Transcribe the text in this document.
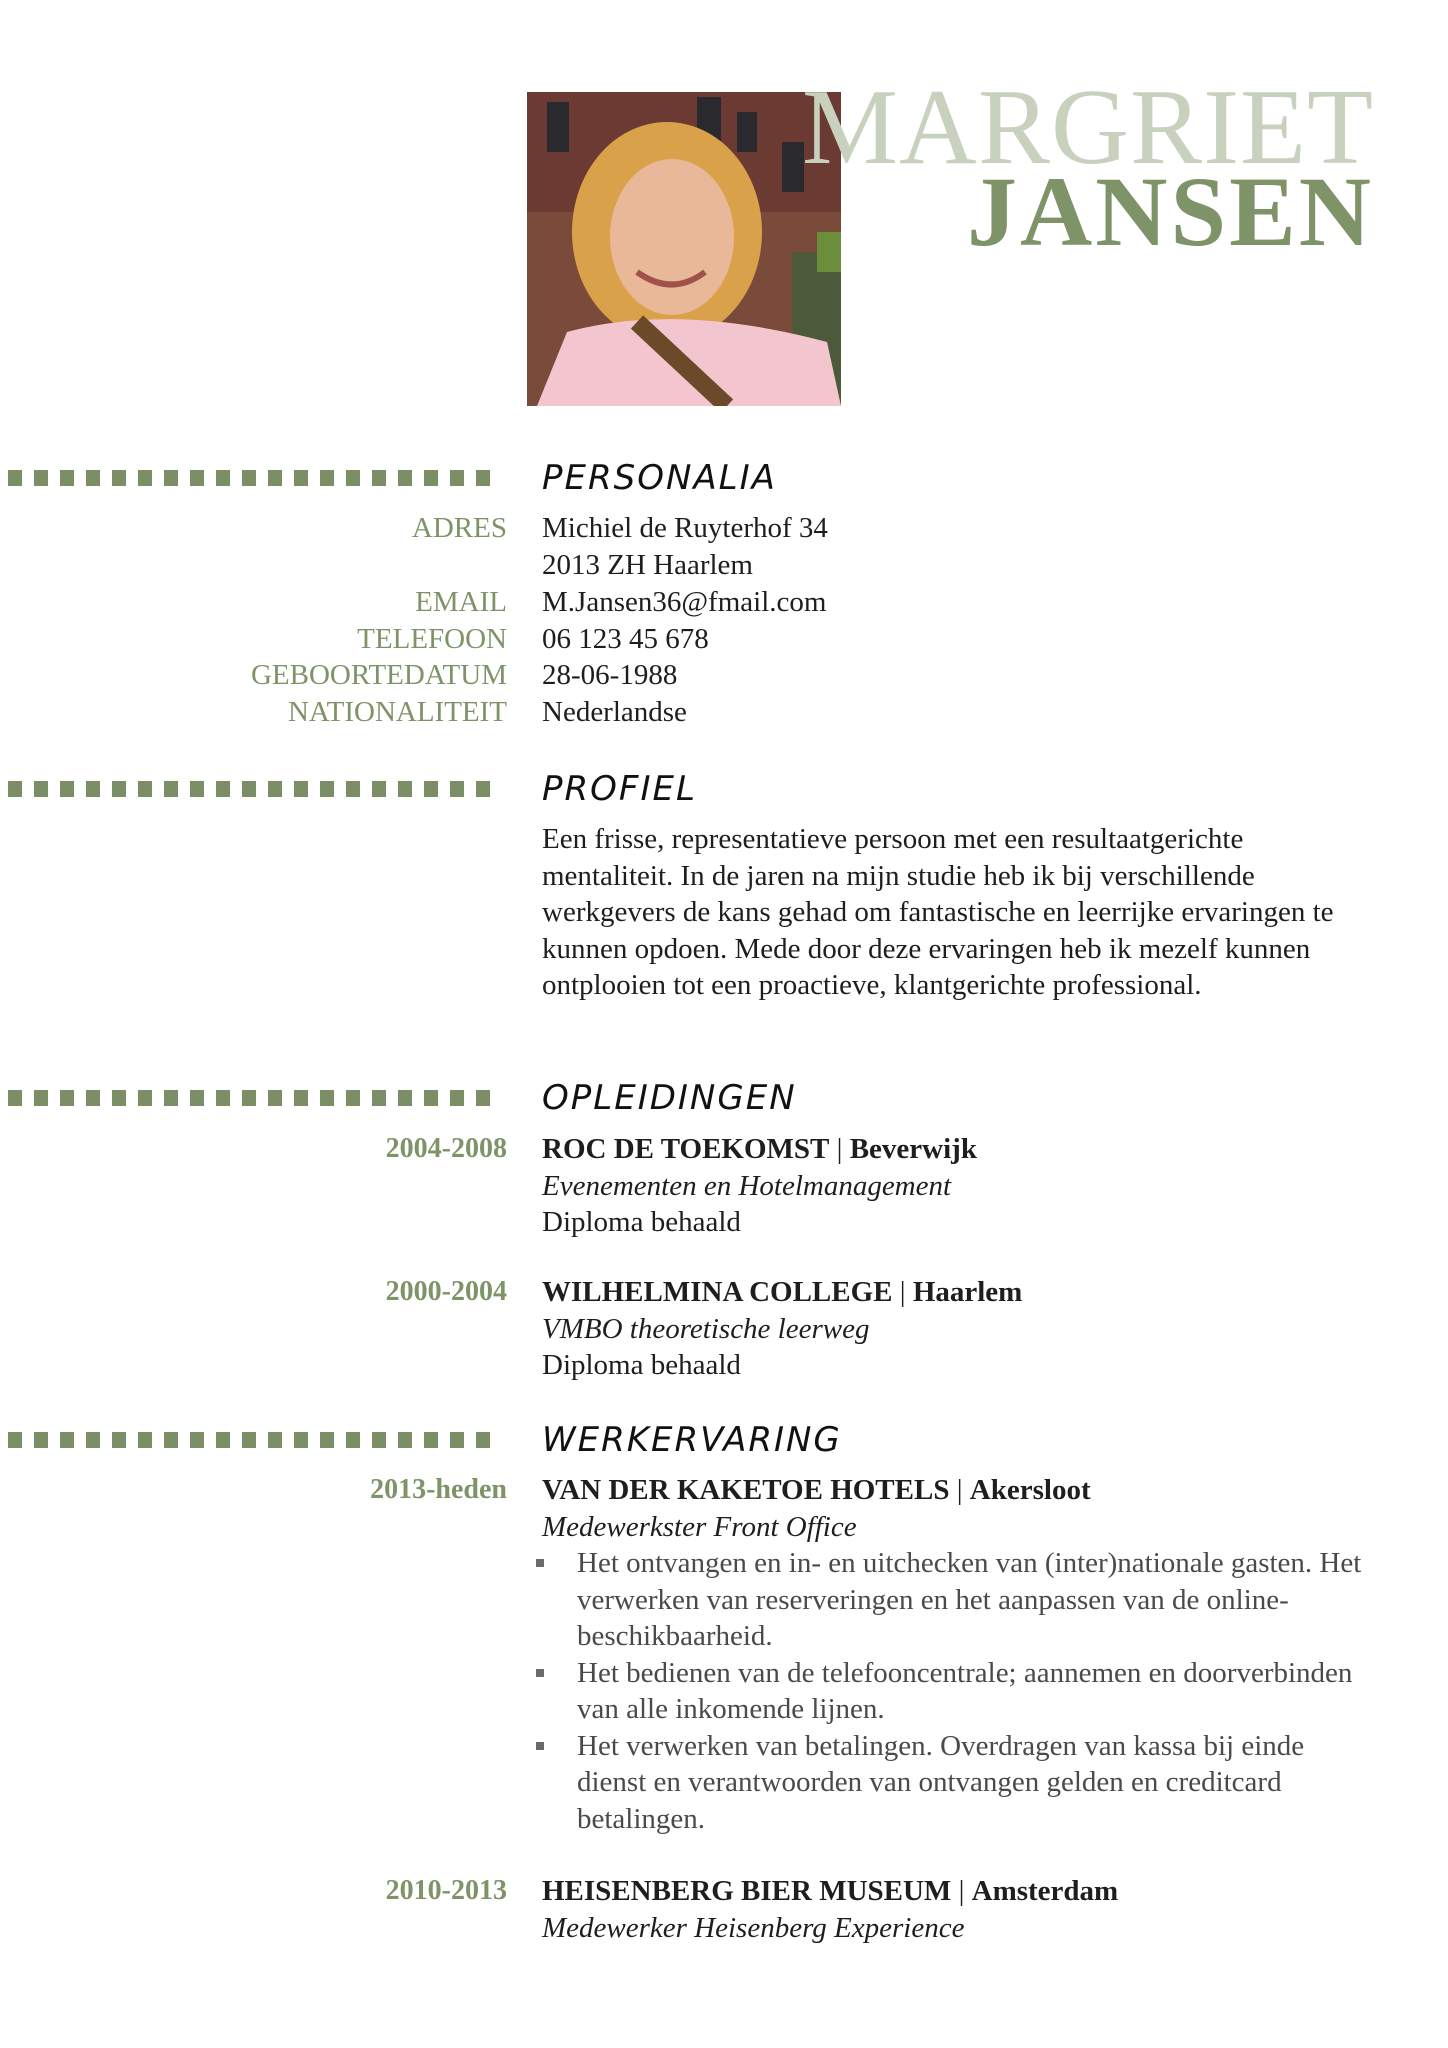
MARGRIET
JANSEN
PERSONALIA
PROFIEL
OPLEIDINGEN
WERKERVARING
ADRES Michiel de Ruyterhof 34
2013 ZH Haarlem
EMAIL M.Jansen36@fmail.com
TELEFOON 06 123 45 678
GEBOORTEDATUM 28-06-1988
NATIONALITEIT Nederlandse
Een frisse, representatieve persoon met een resultaatgerichte mentaliteit. In de jaren na mijn studie heb ik bij verschillende werkgevers de kans gehad om fantastische en leerrijke ervaringen te kunnen opdoen. Mede door deze ervaringen heb ik mezelf kunnen ontplooien tot een proactieve, klantgerichte professional.
2004-2008 ROC DE TOEKOMST | Beverwijk
Evenementen en Hotelmanagement
Diploma behaald
2000-2004 WILHELMINA COLLEGE | Haarlem
VMBO theoretische leerweg
Diploma behaald
2013-heden VAN DER KAKETOE HOTELS | Akersloot
Medewerkster Front Office
Het ontvangen en in- en uitchecken van (inter)nationale gasten. Het verwerken van reserveringen en het aanpassen van de online-beschikbaarheid.
Het bedienen van de telefooncentrale; aannemen en doorverbinden van alle inkomende lijnen.
Het verwerken van betalingen. Overdragen van kassa bij einde dienst en verantwoorden van ontvangen gelden en creditcard betalingen.
2010-2013 HEISENBERG BIER MUSEUM | Amsterdam
Medewerker Heisenberg Experience
